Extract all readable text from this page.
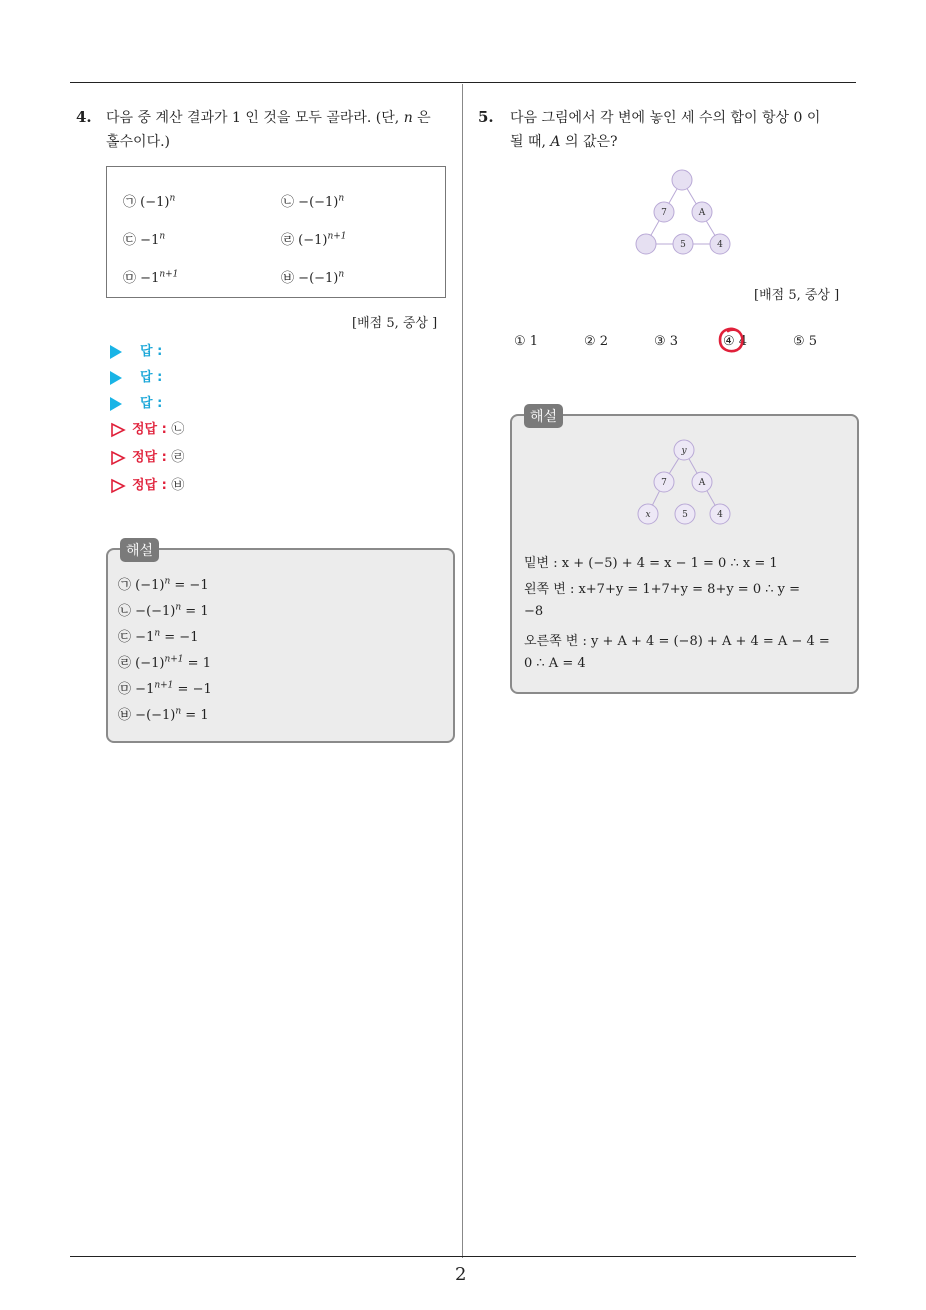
4. 다음 중 계산 결과가 1 인 것을 모두 골라라. (단, n 은
홀수이다.)
㉠ $(-1)^n$	㉡ $-(-1)^n$
㉢ $-1^n$	㉣ $(-1)^{n+1}$
㉤ $-1^{n+1}$	㉥ $-(-1)^n$
[배점 5, 중상 ]
답 :
답 :
답 :
정답 : ㉡
정답 : ㉣
정답 : ㉥
해설
㉠ $(-1)^n = -1$
㉡ $-(-1)^n = 1$
㉢ $-1^n = -1$
㉣ $(-1)^{n+1} = 1$
㉤ $-1^{n+1} = -1$
㉥ $-(-1)^n = 1$
5. 다음 그림에서 각 변에 놓인 세 수의 합이 항상 0 이
될 때, A 의 값은?
7	A
5	4
[배점 5, 중상 ]
① 1	② 2	③ 3	④ 4	⑤ 5
해설
y
7	A
x	5	4
밑변 : x + (−5) + 4 = x − 1 = 0 ∴ x = 1
왼쪽 변 : x+7+y = 1+7+y = 8+y = 0 ∴ y =
−8
오른쪽 변 : y + A + 4 = (−8) + A + 4 = A − 4 =
0 ∴ A = 4
2
